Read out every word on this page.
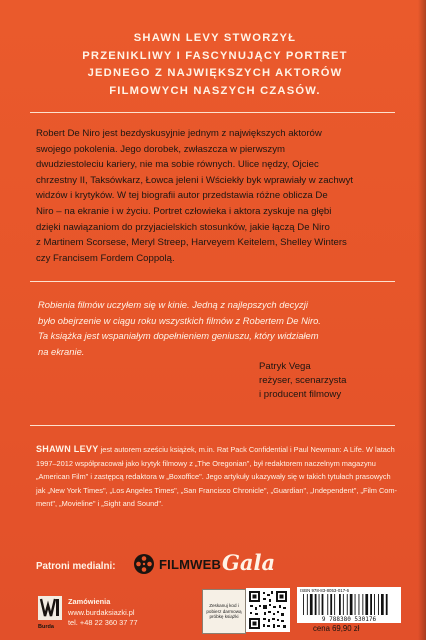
SHAWN LEVY STWORZYŁ
PRZENIKLIWY I FASCYNUJĄCY PORTRET
JEDNEGO Z NAJWIĘKSZYCH AKTORÓW
FILMOWYCH NASZYCH CZASÓW.
Robert De Niro jest bezdyskusyjnie jednym z największych aktorów
swojego pokolenia. Jego dorobek, zwłaszcza w pierwszym
dwudziestoleciu kariery, nie ma sobie równych. Ulice nędzy, Ojciec
chrzestny II, Taksówkarz, Łowca jeleni i Wściekły byk wprawiały w zachwyt
widzów i krytyków. W tej biografii autor przedstawia różne oblicza De
Niro – na ekranie i w życiu. Portret człowieka i aktora zyskuje na głębi
dzięki nawiązaniom do przyjacielskich stosunków, jakie łączą De Niro
z Martinem Scorsese, Meryl Streep, Harveyem Keitelem, Shelley Winters
czy Francisem Fordem Coppolą.
Robienia filmów uczyłem się w kinie. Jedną z najlepszych decyzji
było obejrzenie w ciągu roku wszystkich filmów z Robertem De Niro.
Ta książka jest wspaniałym dopełnieniem geniuszu, który widziałem
na ekranie.
Patryk Vega
reżyser, scenarzysta
i producent filmowy
SHAWN LEVY jest autorem sześciu książek, m.in. Rat Pack Confidential i Paul Newman: A Life. W latach
1997–2012 współpracował jako krytyk filmowy z „The Oregonian", był redaktorem naczelnym magazynu
„American Film" i zastępcą redaktora w „Boxoffice". Jego artykuły ukazywały się w takich tytułach prasowych
jak „New York Times", „Los Angeles Times", „San Francisco Chronicle", „Guardian", „Independent", „Film Com-
ment", „Movieline" i „Sight and Sound".
Patroni medialni:	FILMWEB Gala
Burda
Zamówienia
www.burdaksiazki.pl
tel. +48 22 360 37 77
Zeskanuj kod i pobierz darmową próbkę książki	9 788380 530176
ISBN 978-83-8053-017-6
cena 69,90 zł
